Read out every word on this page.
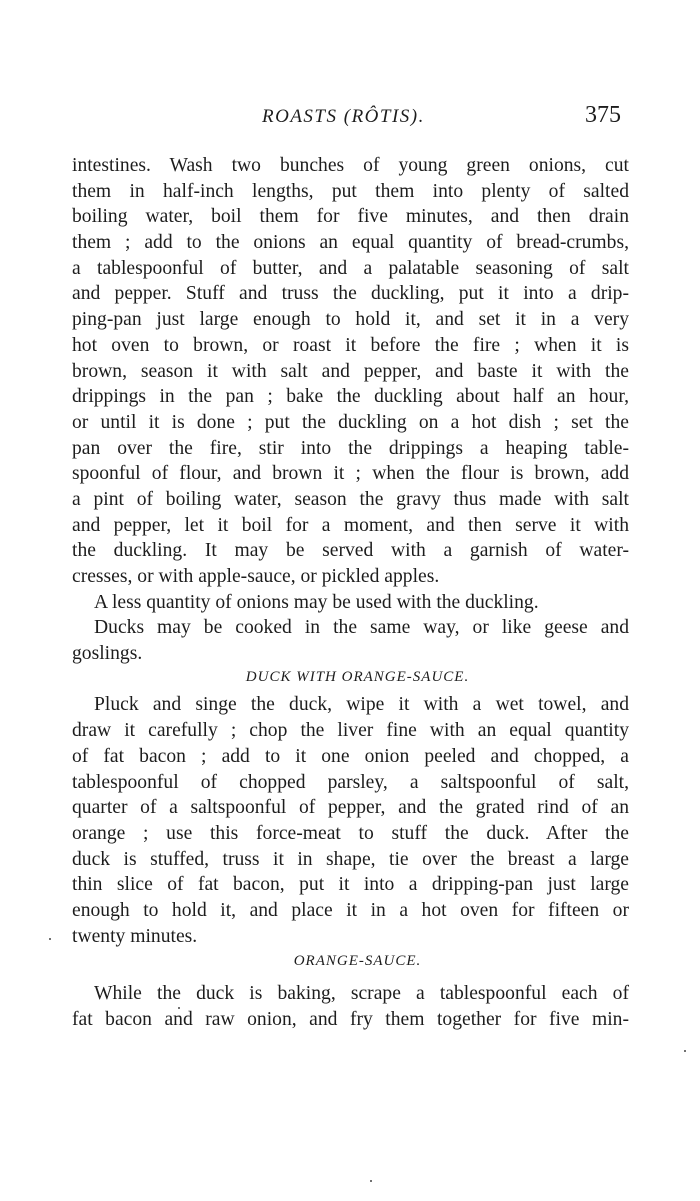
ROASTS (RÔTIS).	375
intestines. Wash two bunches of young green onions, cut
them in half-inch lengths, put them into plenty of salted
boiling water, boil them for five minutes, and then drain
them ; add to the onions an equal quantity of bread-crumbs,
a tablespoonful of butter, and a palatable seasoning of salt
and pepper. Stuff and truss the duckling, put it into a drip-
ping-pan just large enough to hold it, and set it in a very
hot oven to brown, or roast it before the fire ; when it is
brown, season it with salt and pepper, and baste it with the
drippings in the pan ; bake the duckling about half an hour,
or until it is done ; put the duckling on a hot dish ; set the
pan over the fire, stir into the drippings a heaping table-
spoonful of flour, and brown it ; when the flour is brown, add
a pint of boiling water, season the gravy thus made with salt
and pepper, let it boil for a moment, and then serve it with
the duckling. It may be served with a garnish of water-
cresses, or with apple-sauce, or pickled apples.
A less quantity of onions may be used with the duckling.
Ducks may be cooked in the same way, or like geese and
goslings.
DUCK WITH ORANGE-SAUCE.
Pluck and singe the duck, wipe it with a wet towel, and
draw it carefully ; chop the liver fine with an equal quantity
of fat bacon ; add to it one onion peeled and chopped, a
tablespoonful of chopped parsley, a saltspoonful of salt,
quarter of a saltspoonful of pepper, and the grated rind of an
orange ; use this force-meat to stuff the duck. After the
duck is stuffed, truss it in shape, tie over the breast a large
thin slice of fat bacon, put it into a dripping-pan just large
enough to hold it, and place it in a hot oven for fifteen or
twenty minutes.
ORANGE-SAUCE.
While the duck is baking, scrape a tablespoonful each of
fat bacon and raw onion, and fry them together for five min-
